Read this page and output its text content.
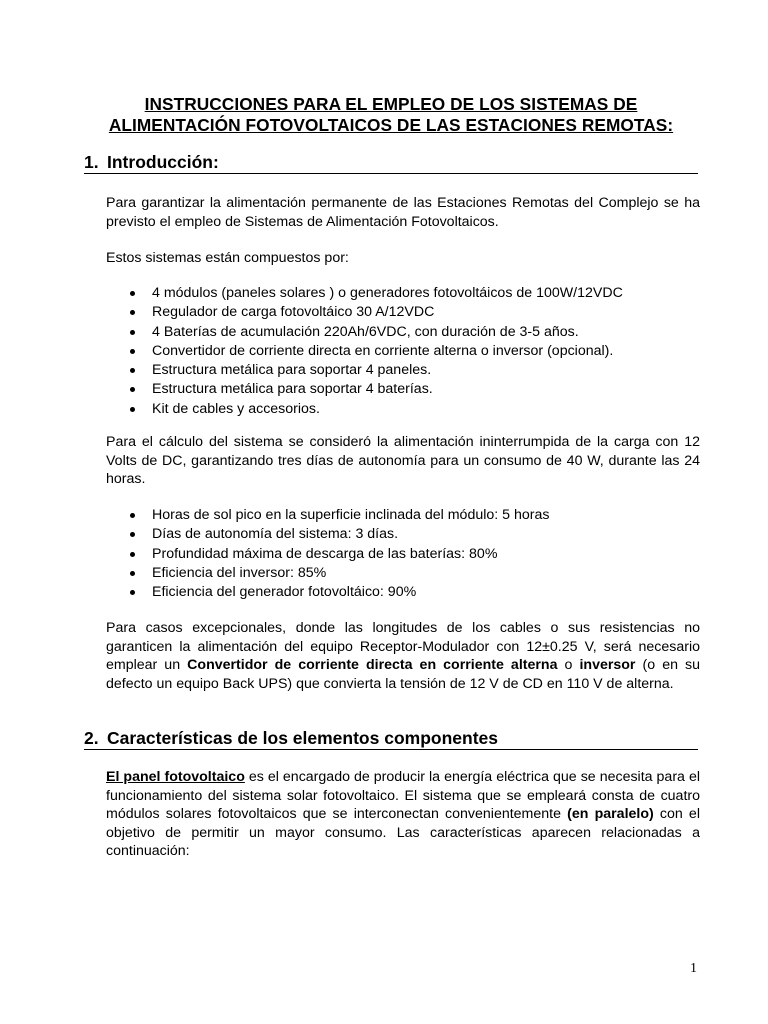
INSTRUCCIONES PARA EL EMPLEO DE LOS SISTEMAS DE
ALIMENTACIÓN FOTOVOLTAICOS DE LAS ESTACIONES REMOTAS:
1. Introducción:

Para garantizar la alimentación permanente de las Estaciones Remotas del Complejo se ha previsto el empleo de Sistemas de Alimentación Fotovoltaicos.

Estos sistemas están compuestos por:

4 módulos (paneles solares ) o generadores fotovoltáicos de 100W/12VDC
Regulador de carga fotovoltáico 30 A/12VDC
4 Baterías de acumulación 220Ah/6VDC, con duración de 3-5 años.
Convertidor de corriente directa en corriente alterna o inversor (opcional).
Estructura metálica para soportar 4 paneles.
Estructura metálica para soportar 4 baterías.
Kit de cables y accesorios.

Para el cálculo del sistema se consideró la alimentación ininterrumpida de la carga con 12 Volts de DC, garantizando tres días de autonomía para un consumo de 40 W, durante las 24 horas.

Horas de sol pico en la superficie inclinada del módulo: 5 horas
Días de autonomía del sistema: 3 días.
Profundidad máxima de descarga de las baterías: 80%
Eficiencia del inversor: 85%
Eficiencia del generador fotovoltáico: 90%

Para casos excepcionales, donde las longitudes de los cables o sus resistencias no garanticen la alimentación del equipo Receptor-Modulador con 12±0.25 V, será necesario emplear un Convertidor de corriente directa en corriente alterna o inversor (o en su defecto un equipo Back UPS) que convierta la tensión de 12 V de CD en 110 V de alterna.

2. Características de los elementos componentes

El panel fotovoltaico es el encargado de producir la energía eléctrica que se necesita para el funcionamiento del sistema solar fotovoltaico. El sistema que se empleará consta de cuatro módulos solares fotovoltaicos que se interconectan convenientemente (en paralelo) con el objetivo de permitir un mayor consumo. Las características aparecen relacionadas a continuación:

1
